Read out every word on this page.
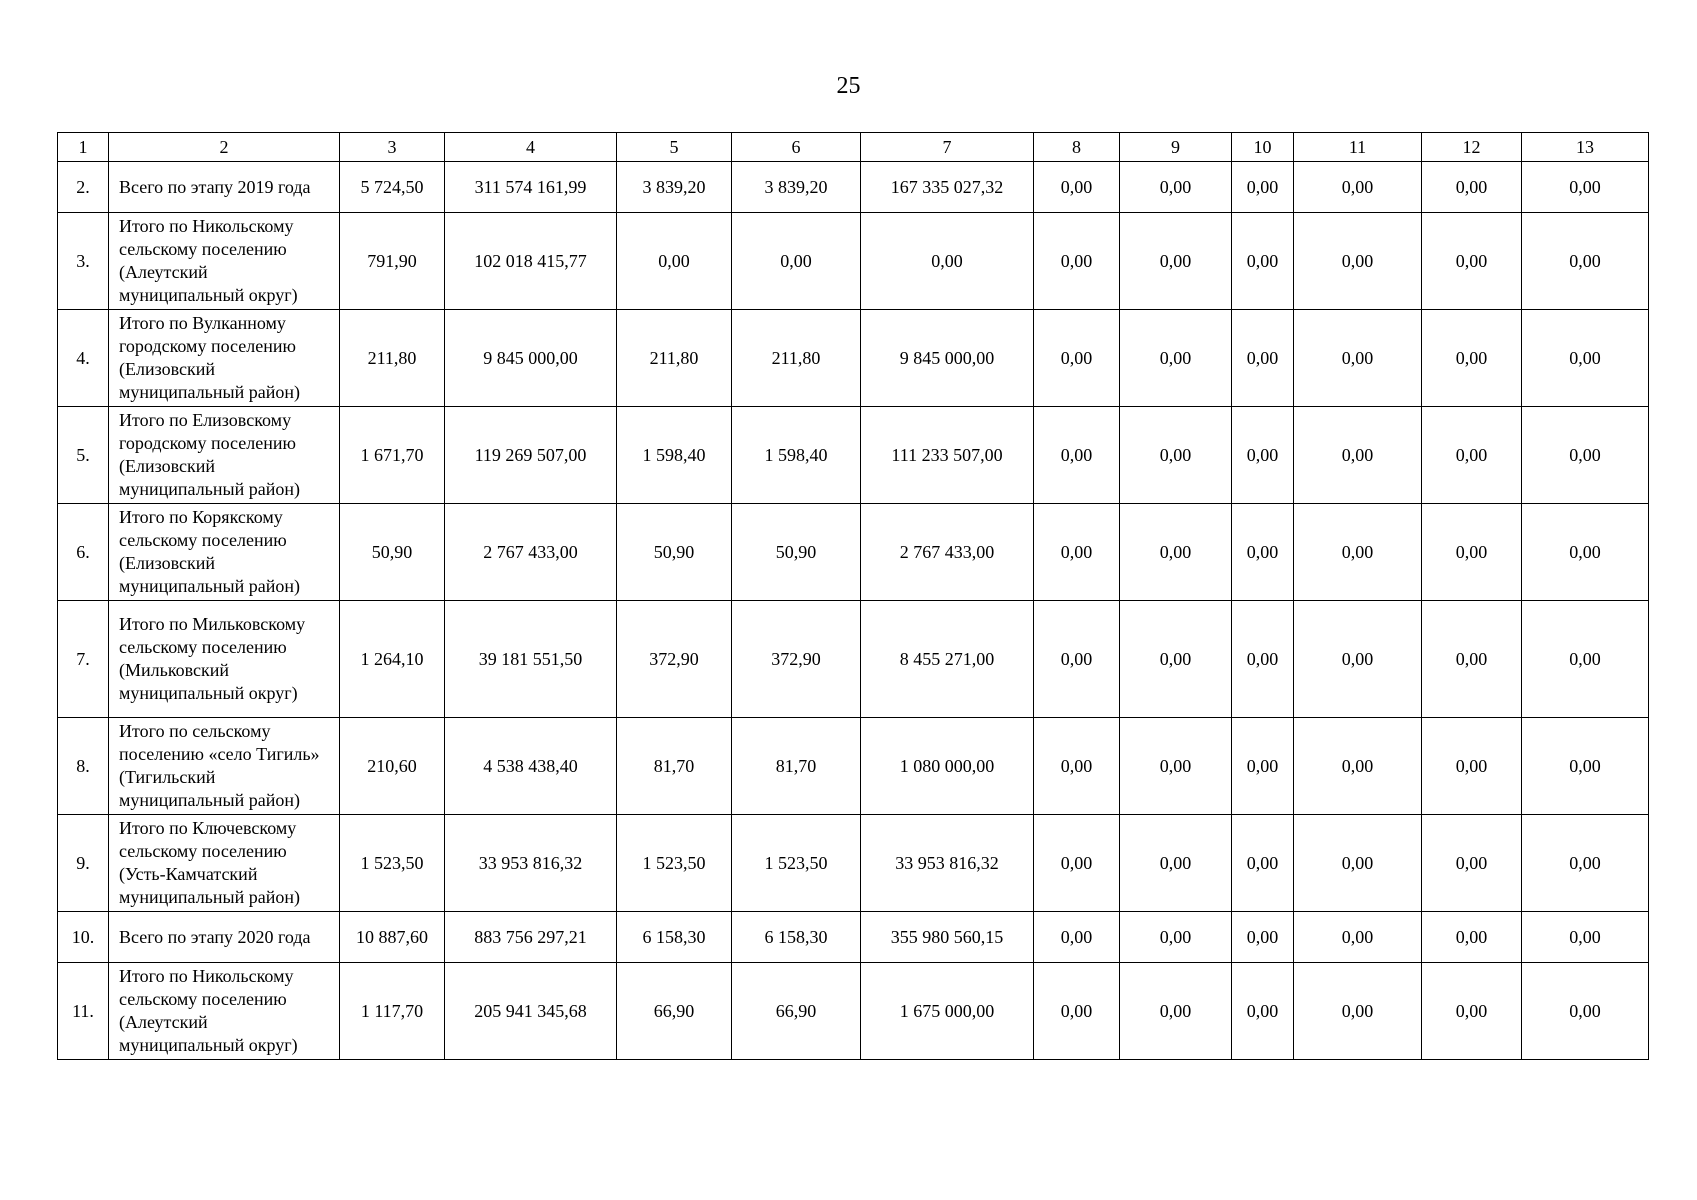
25
1	2	3	4	5	6	7	8	9	10	11	12	13
2.	Всего по этапу 2019 года	5 724,50	311 574 161,99	3 839,20	3 839,20	167 335 027,32	0,00	0,00	0,00	0,00	0,00	0,00
3.	Итого по Никольскому сельскому поселению (Алеутский муниципальный округ)	791,90	102 018 415,77	0,00	0,00	0,00	0,00	0,00	0,00	0,00	0,00	0,00
4.	Итого по Вулканному городскому поселению (Елизовский муниципальный район)	211,80	9 845 000,00	211,80	211,80	9 845 000,00	0,00	0,00	0,00	0,00	0,00	0,00
5.	Итого по Елизовскому городскому поселению (Елизовский муниципальный район)	1 671,70	119 269 507,00	1 598,40	1 598,40	111 233 507,00	0,00	0,00	0,00	0,00	0,00	0,00
6.	Итого по Корякскому сельскому поселению (Елизовский муниципальный район)	50,90	2 767 433,00	50,90	50,90	2 767 433,00	0,00	0,00	0,00	0,00	0,00	0,00
7.	Итого по Мильковскому сельскому поселению (Мильковский муниципальный округ)	1 264,10	39 181 551,50	372,90	372,90	8 455 271,00	0,00	0,00	0,00	0,00	0,00	0,00
8.	Итого по сельскому поселению «село Тигиль» (Тигильский муниципальный район)	210,60	4 538 438,40	81,70	81,70	1 080 000,00	0,00	0,00	0,00	0,00	0,00	0,00
9.	Итого по Ключевскому сельскому поселению (Усть-Камчатский муниципальный район)	1 523,50	33 953 816,32	1 523,50	1 523,50	33 953 816,32	0,00	0,00	0,00	0,00	0,00	0,00
10.	Всего по этапу 2020 года	10 887,60	883 756 297,21	6 158,30	6 158,30	355 980 560,15	0,00	0,00	0,00	0,00	0,00	0,00
11.	Итого по Никольскому сельскому поселению (Алеутский муниципальный округ)	1 117,70	205 941 345,68	66,90	66,90	1 675 000,00	0,00	0,00	0,00	0,00	0,00	0,00
